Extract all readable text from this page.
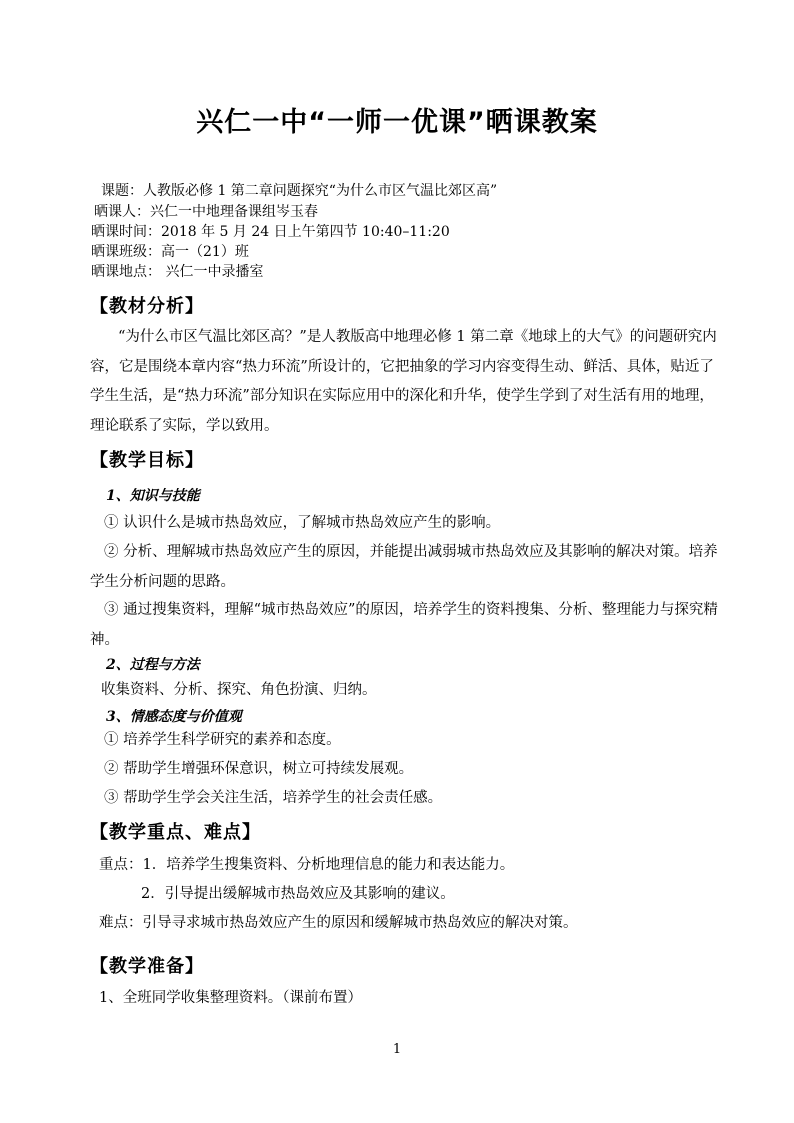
兴仁一中“一师一优课”晒课教案
课题：人教版必修 1 第二章问题探究“为什么市区气温比郊区高”
晒课人：兴仁一中地理备课组岑玉春
晒课时间：2018 年 5 月 24 日上午第四节 10:40–11:20
晒课班级：高一（21）班
晒课地点： 兴仁一中录播室
【教材分析】
“为什么市区气温比郊区高？”是人教版高中地理必修 1 第二章《地球上的大气》的问题研究内容，它是围绕本章内容“热力环流”所设计的，它把抽象的学习内容变得生动、鲜活、具体，贴近了学生生活，是“热力环流”部分知识在实际应用中的深化和升华，使学生学到了对生活有用的地理，理论联系了实际，学以致用。
【教学目标】
1、知识与技能
① 认识什么是城市热岛效应，了解城市热岛效应产生的影响。
② 分析、理解城市热岛效应产生的原因，并能提出减弱城市热岛效应及其影响的解决对策。培养学生分析问题的思路。
③ 通过搜集资料，理解“城市热岛效应”的原因，培养学生的资料搜集、分析、整理能力与探究精神。
2、过程与方法
收集资料、分析、探究、角色扮演、归纳。
3、情感态度与价值观
① 培养学生科学研究的素养和态度。
② 帮助学生增强环保意识，树立可持续发展观。
③ 帮助学生学会关注生活，培养学生的社会责任感。
【教学重点、难点】
重点：1．培养学生搜集资料、分析地理信息的能力和表达能力。
2．引导提出缓解城市热岛效应及其影响的建议。
难点：引导寻求城市热岛效应产生的原因和缓解城市热岛效应的解决对策。
【教学准备】
1、全班同学收集整理资料。（课前布置）
1
